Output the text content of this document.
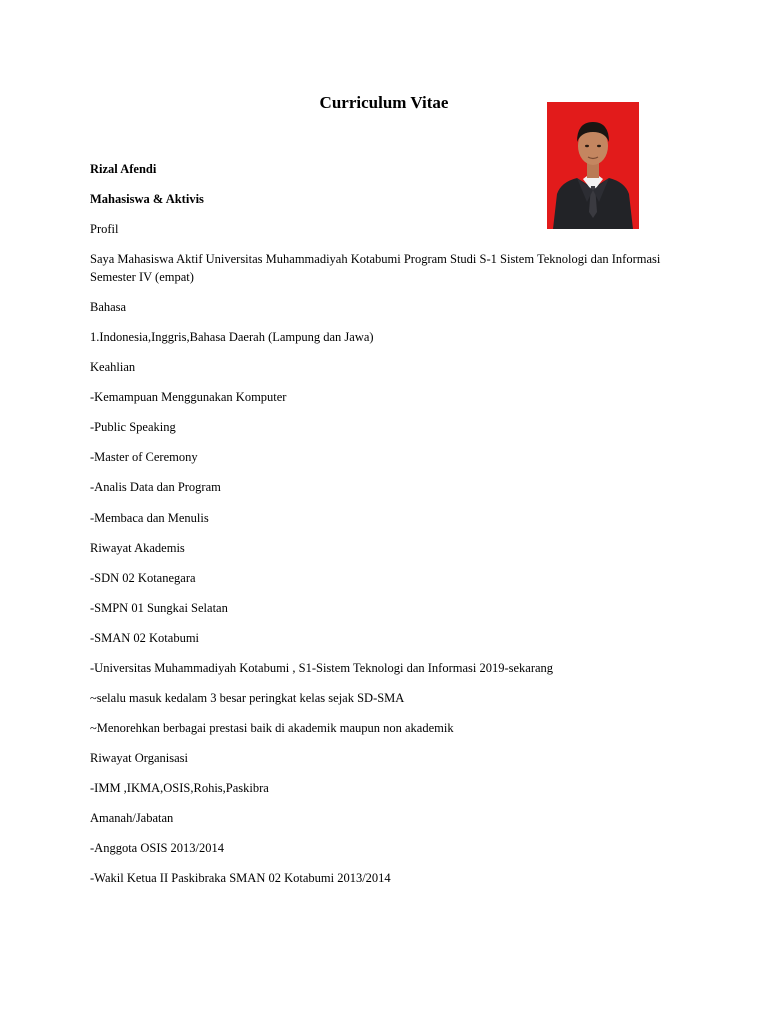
Curriculum Vitae
Rizal Afendi
Mahasiswa & Aktivis
Profil
Saya Mahasiswa Aktif Universitas Muhammadiyah Kotabumi Program Studi S-1 Sistem Teknologi dan Informasi Semester IV (empat)
Bahasa
1.Indonesia,Inggris,Bahasa Daerah (Lampung dan Jawa)
Keahlian
-Kemampuan Menggunakan Komputer
-Public Speaking
-Master of Ceremony
-Analis Data dan Program
-Membaca dan Menulis
Riwayat Akademis
-SDN 02 Kotanegara
-SMPN 01 Sungkai Selatan
-SMAN 02 Kotabumi
-Universitas Muhammadiyah Kotabumi , S1-Sistem Teknologi dan Informasi 2019-sekarang
~selalu masuk kedalam 3 besar peringkat kelas sejak SD-SMA
~Menorehkan berbagai prestasi baik di akademik maupun non akademik
Riwayat Organisasi
-IMM ,IKMA,OSIS,Rohis,Paskibra
Amanah/Jabatan
-Anggota OSIS 2013/2014
-Wakil Ketua II Paskibraka SMAN 02 Kotabumi 2013/2014
